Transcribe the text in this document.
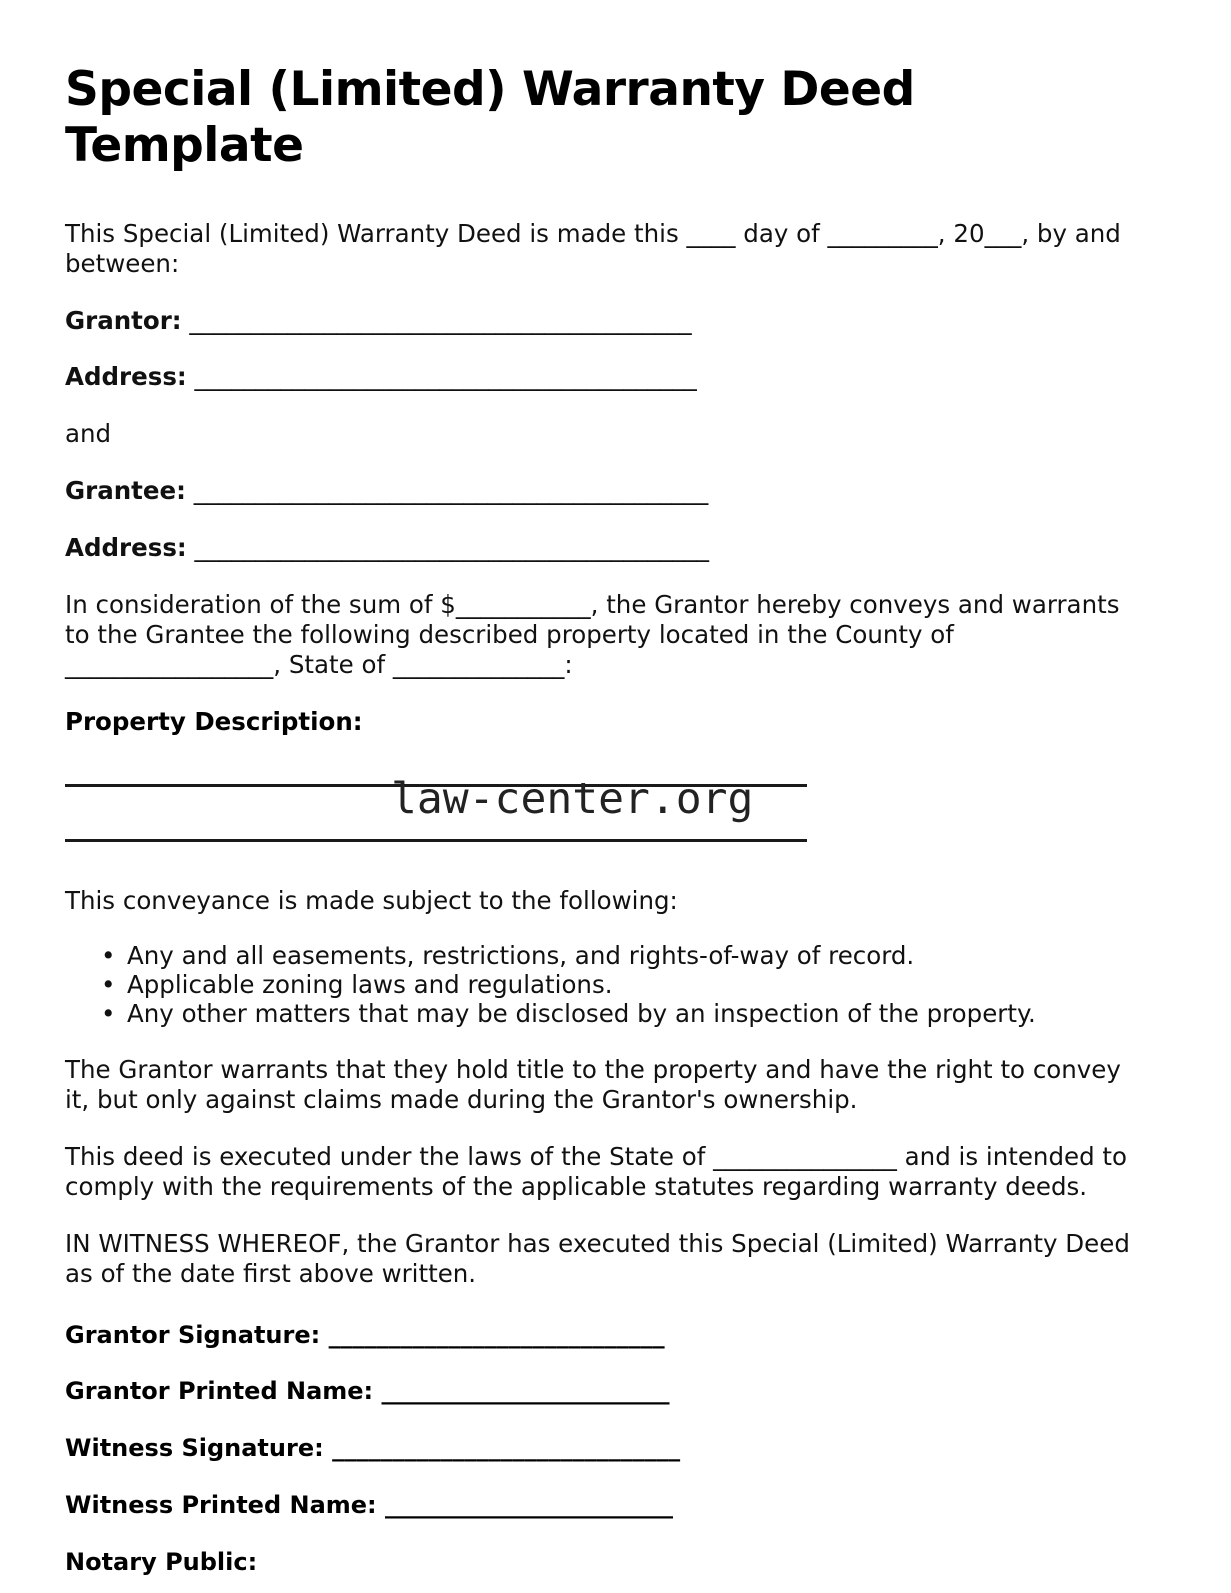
Special (Limited) Warranty Deed Template

This Special (Limited) Warranty Deed is made this ____ day of _________, 20___, by and between:

Grantor: _________________________________________

Address: _________________________________________

and

Grantee: __________________________________________

Address: __________________________________________

In consideration of the sum of $___________, the Grantor hereby conveys and warrants to the Grantee the following described property located in the County of _________________, State of ______________:

Property Description:
law-center.org

This conveyance is made subject to the following:

• Any and all easements, restrictions, and rights-of-way of record.
• Applicable zoning laws and regulations.
• Any other matters that may be disclosed by an inspection of the property.

The Grantor warrants that they hold title to the property and have the right to convey it, but only against claims made during the Grantor's ownership.

This deed is executed under the laws of the State of _______________ and is intended to comply with the requirements of the applicable statutes regarding warranty deeds.

IN WITNESS WHEREOF, the Grantor has executed this Special (Limited) Warranty Deed as of the date first above written.

Grantor Signature: ____________________________

Grantor Printed Name: ________________________

Witness Signature: _____________________________

Witness Printed Name: ________________________

Notary Public:
